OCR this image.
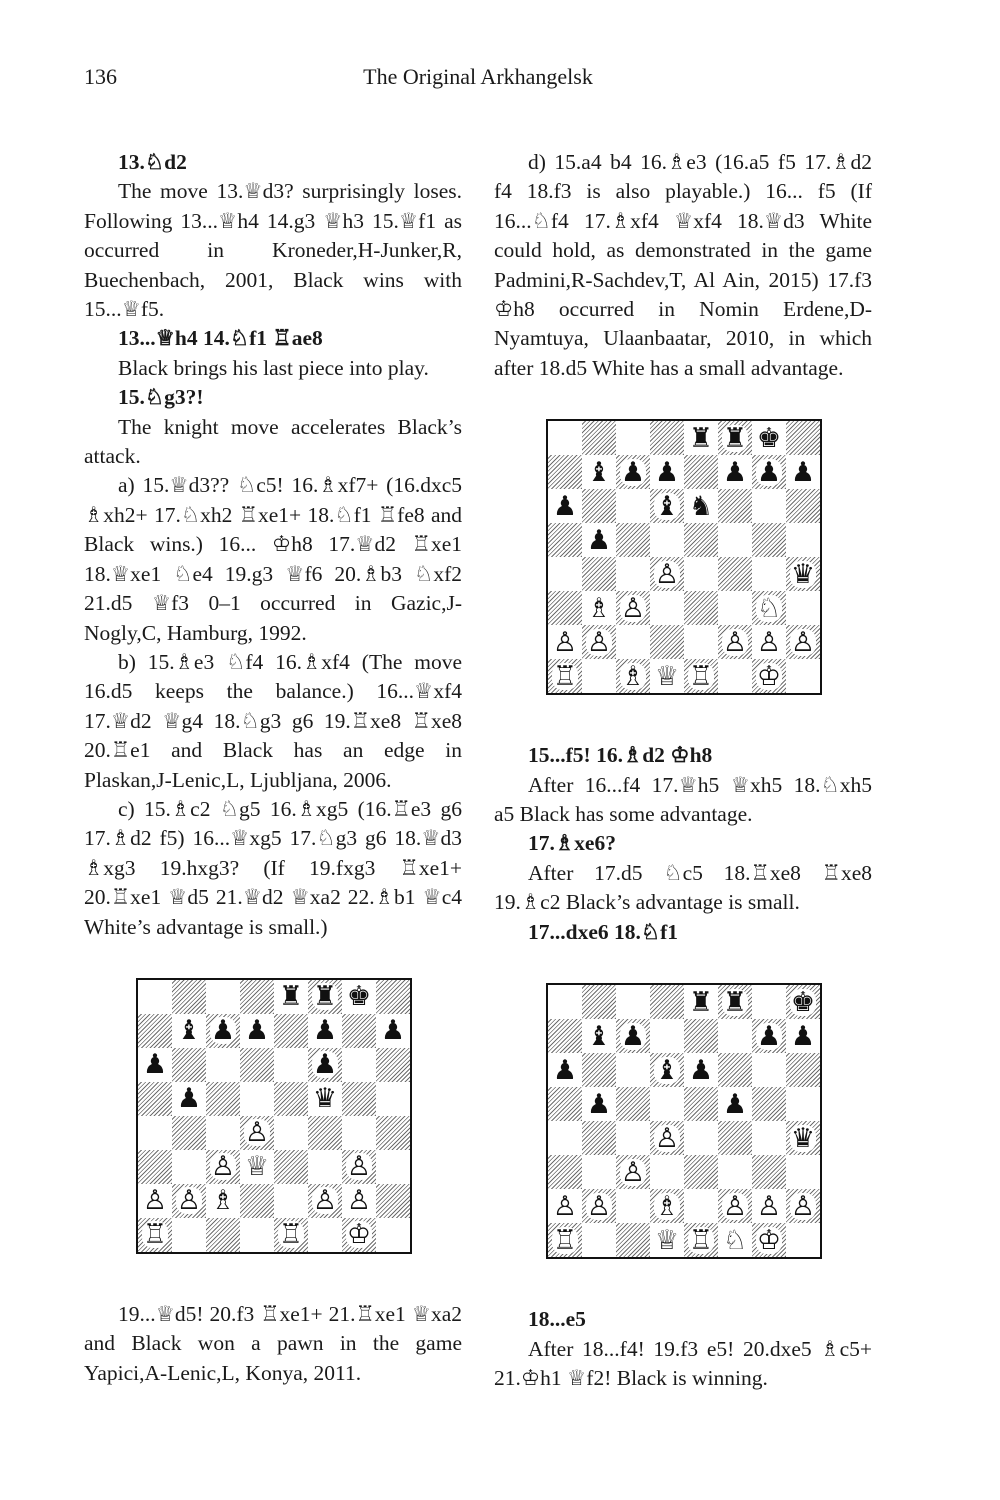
136	The Original Arkhangelsk

13.♘d2

The move 13.♕d3? surprisingly loses. Following 13...♕h4 14.g3 ♕h3 15.♕f1 as occurred in Kroneder,H-Junker,R, Buechenbach, 2001, Black wins with 15...♕f5.

13...♕h4 14.♘f1 ♖ae8

Black brings his last piece into play.

15.♘g3?!

The knight move accelerates Black’s attack.

a) 15.♕d3?? ♘c5! 16.♗xf7+ (16.dxc5 ♗xh2+ 17.♘xh2 ♖xe1+ 18.♘f1 ♖fe8 and Black wins.) 16... ♔h8 17.♕d2 ♖xe1 18.♕xe1 ♘e4 19.g3 ♕f6 20.♗b3 ♘xf2 21.d5 ♕f3 0–1 occurred in Gazic,J-Nogly,C, Hamburg, 1992.

b) 15.♗e3 ♘f4 16.♗xf4 (The move 16.d5 keeps the balance.) 16...♕xf4 17.♕d2 ♕g4 18.♘g3 g6 19.♖xe8 ♖xe8 20.♖e1 and Black has an edge in Plaskan,J-Lenic,L, Ljubljana, 2006.

c) 15.♗c2 ♘g5 16.♗xg5 (16.♖e3 g6 17.♗d2 f5) 16...♕xg5 17.♘g3 g6 18.♕d3 ♗xg3 19.hxg3? (If 19.fxg3 ♖xe1+ 20.♖xe1 ♕d5 21.♕d2 ♕xa2 22.♗b1 ♕c4 White’s advantage is small.)

♜ ♜ ♚
♝ ♟ ♟ ♟ ♟
♟	♟
♟	♛
♙
♙ ♕	♙
♙ ♙ ♗	♙ ♙
♖	♖ ♔

19...♕d5! 20.f3 ♖xe1+ 21.♖xe1 ♕xa2 and Black won a pawn in the game Yapici,A-Lenic,L, Konya, 2011.

d) 15.a4 b4 16.♗e3 (16.a5 f5 17.♗d2 f4 18.f3 is also playable.) 16... f5 (If 16...♘f4 17.♗xf4 ♕xf4 18.♕d3 White could hold, as demonstrated in the game Padmini,R-Sachdev,T, Al Ain, 2015) 17.f3 ♔h8 occurred in Nomin Erdene,D-Nyamtuya, Ulaanbaatar, 2010, in which after 18.d5 White has a small advantage.

♜ ♜ ♚
♝ ♟ ♟ ♟ ♟ ♟
♟	♝ ♞
♟
♙	♛
♗ ♙	♘
♙ ♙	♙ ♙ ♙
♖ ♗ ♕ ♖ ♔

15...f5! 16.♗d2 ♔h8

After 16...f4 17.♕h5 ♕xh5 18.♘xh5 a5 Black has some advantage.

17.♗xe6?

After 17.d5 ♘c5 18.♖xe8 ♖xe8 19.♗c2 Black’s advantage is small.

17...dxe6 18.♘f1

♜ ♜ ♚
♝ ♟	♟ ♟
♟	♝ ♟
♟	♟
♙	♛
♙
♙ ♙ ♗ ♙ ♙ ♙
♖	♕ ♖ ♘ ♔

18...e5

After 18...f4! 19.f3 e5! 20.dxe5 ♗c5+ 21.♔h1 ♕f2! Black is winning.
